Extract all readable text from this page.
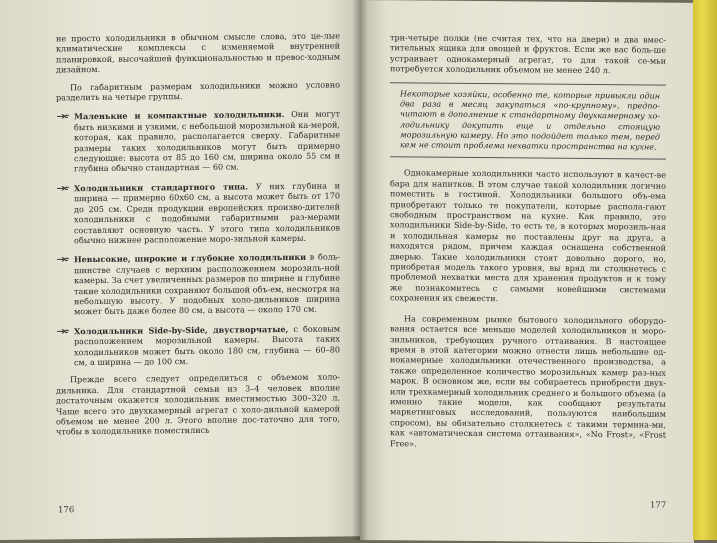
не просто холодильники в обычном смысле слова, это це-лые климатические комплексы с изменяемой внутренней планировкой, высочайшей функциональностью и превос-ходным дизайном.

По габаритным размерам холодильники можно условно разделить на четыре группы.

Маленькие и компактные холодильники. Они могут быть низкими и узкими, с небольшой морозильной ка-мерой, которая, как правило, располагается сверху. Габаритные размеры таких холодильников могут быть примерно следующие: высота от 85 до 160 см, ширина около 55 см и глубина обычно стандартная — 60 см.

Холодильники стандартного типа. У них глубина и ширина — примерно 60х60 см, а высота может быть от 170 до 205 см. Среди продукции европейских произво-дителей холодильники с подобными габаритными раз-мерами составляют основную часть. У этого типа холодильников обычно нижнее расположение моро-зильной камеры.

Невысокие, широкие и глубокие холодильники в боль-шинстве случаев с верхним расположением морозиль-ной камеры. За счет увеличенных размеров по ширине и глубине такие холодильники сохраняют большой объ-ем, несмотря на небольшую высоту. У подобных холо-дильников ширина может быть даже более 80 см, а высота — около 170 см.

Холодильники Side-by-Side, двустворчатые, с боковым расположением морозильной камеры. Высота таких холодильников может быть около 180 см, глубина — 60–80 см, а ширина — до 100 см.

Прежде всего следует определиться с объемом холо-дильника. Для стандартной семьи из 3–4 человек вполне достаточным окажется холодильник вместимостью 300–320 л. Чаще всего это двухкамерный агрегат с холо-дильной камерой объемом не менее 200 л. Этого вполне дос-таточно для того, чтобы в холодильнике поместились

176

три-четыре полки (не считая тех, что на двери) и два вмес-тительных ящика для овощей и фруктов. Если же вас боль-ше устраивает однокамерный агрегат, то для такой се-мьи потребуется холодильник объемом не менее 240 л.

Некоторые хозяйки, особенно те, которые привыкли один два раза в месяц закупаться «по-крупному», предпо-читают в дополнение к стандартному двухкамерному хо-лодильнику докупить еще и отдельно стоящую морозильную камеру. Но это подойдет только тем, перед кем не стоит проблема нехватки пространства на кухне.

Однокамерные холодильники часто используют в качест-ве бара для напитков. В этом случае такой холодильник логично поместить в гостиной. Холодильники большого объ-ема приобретают только те покупатели, которые распола-гают свободным пространством на кухне. Как правило, это холодильники Side-by-Side, то есть те, в которых морозиль-ная и холодильная камеры не поставлены друг на друга, а находятся рядом, причем каждая оснащена собственной дверью. Такие холодильники стоят довольно дорого, но, приобретая модель такого уровня, вы вряд ли столкнетесь с проблемой нехватки места для хранения продуктов и к тому же познакомитесь с самыми новейшими системами сохранения их свежести.

На современном рынке бытового холодильного оборудо-вания остается все меньше моделей холодильников и моро-зильников, требующих ручного оттаивания. В настоящее время в этой категории можно отнести лишь небольшие од-нокамерные холодильники отечественного производства, а также определенное количество морозильных камер раз-ных марок. В основном же, если вы собираетесь приобрести двух- или трехкамерный холодильник среднего и большого объема (а именно такие модели, как сообщают результаты маркетинговых исследований, пользуются наибольшим спросом), вы обязательно столкнетесь с такими термина-ми, как «автоматическая система оттаивания», «No Frost», «Frost Free».

177
